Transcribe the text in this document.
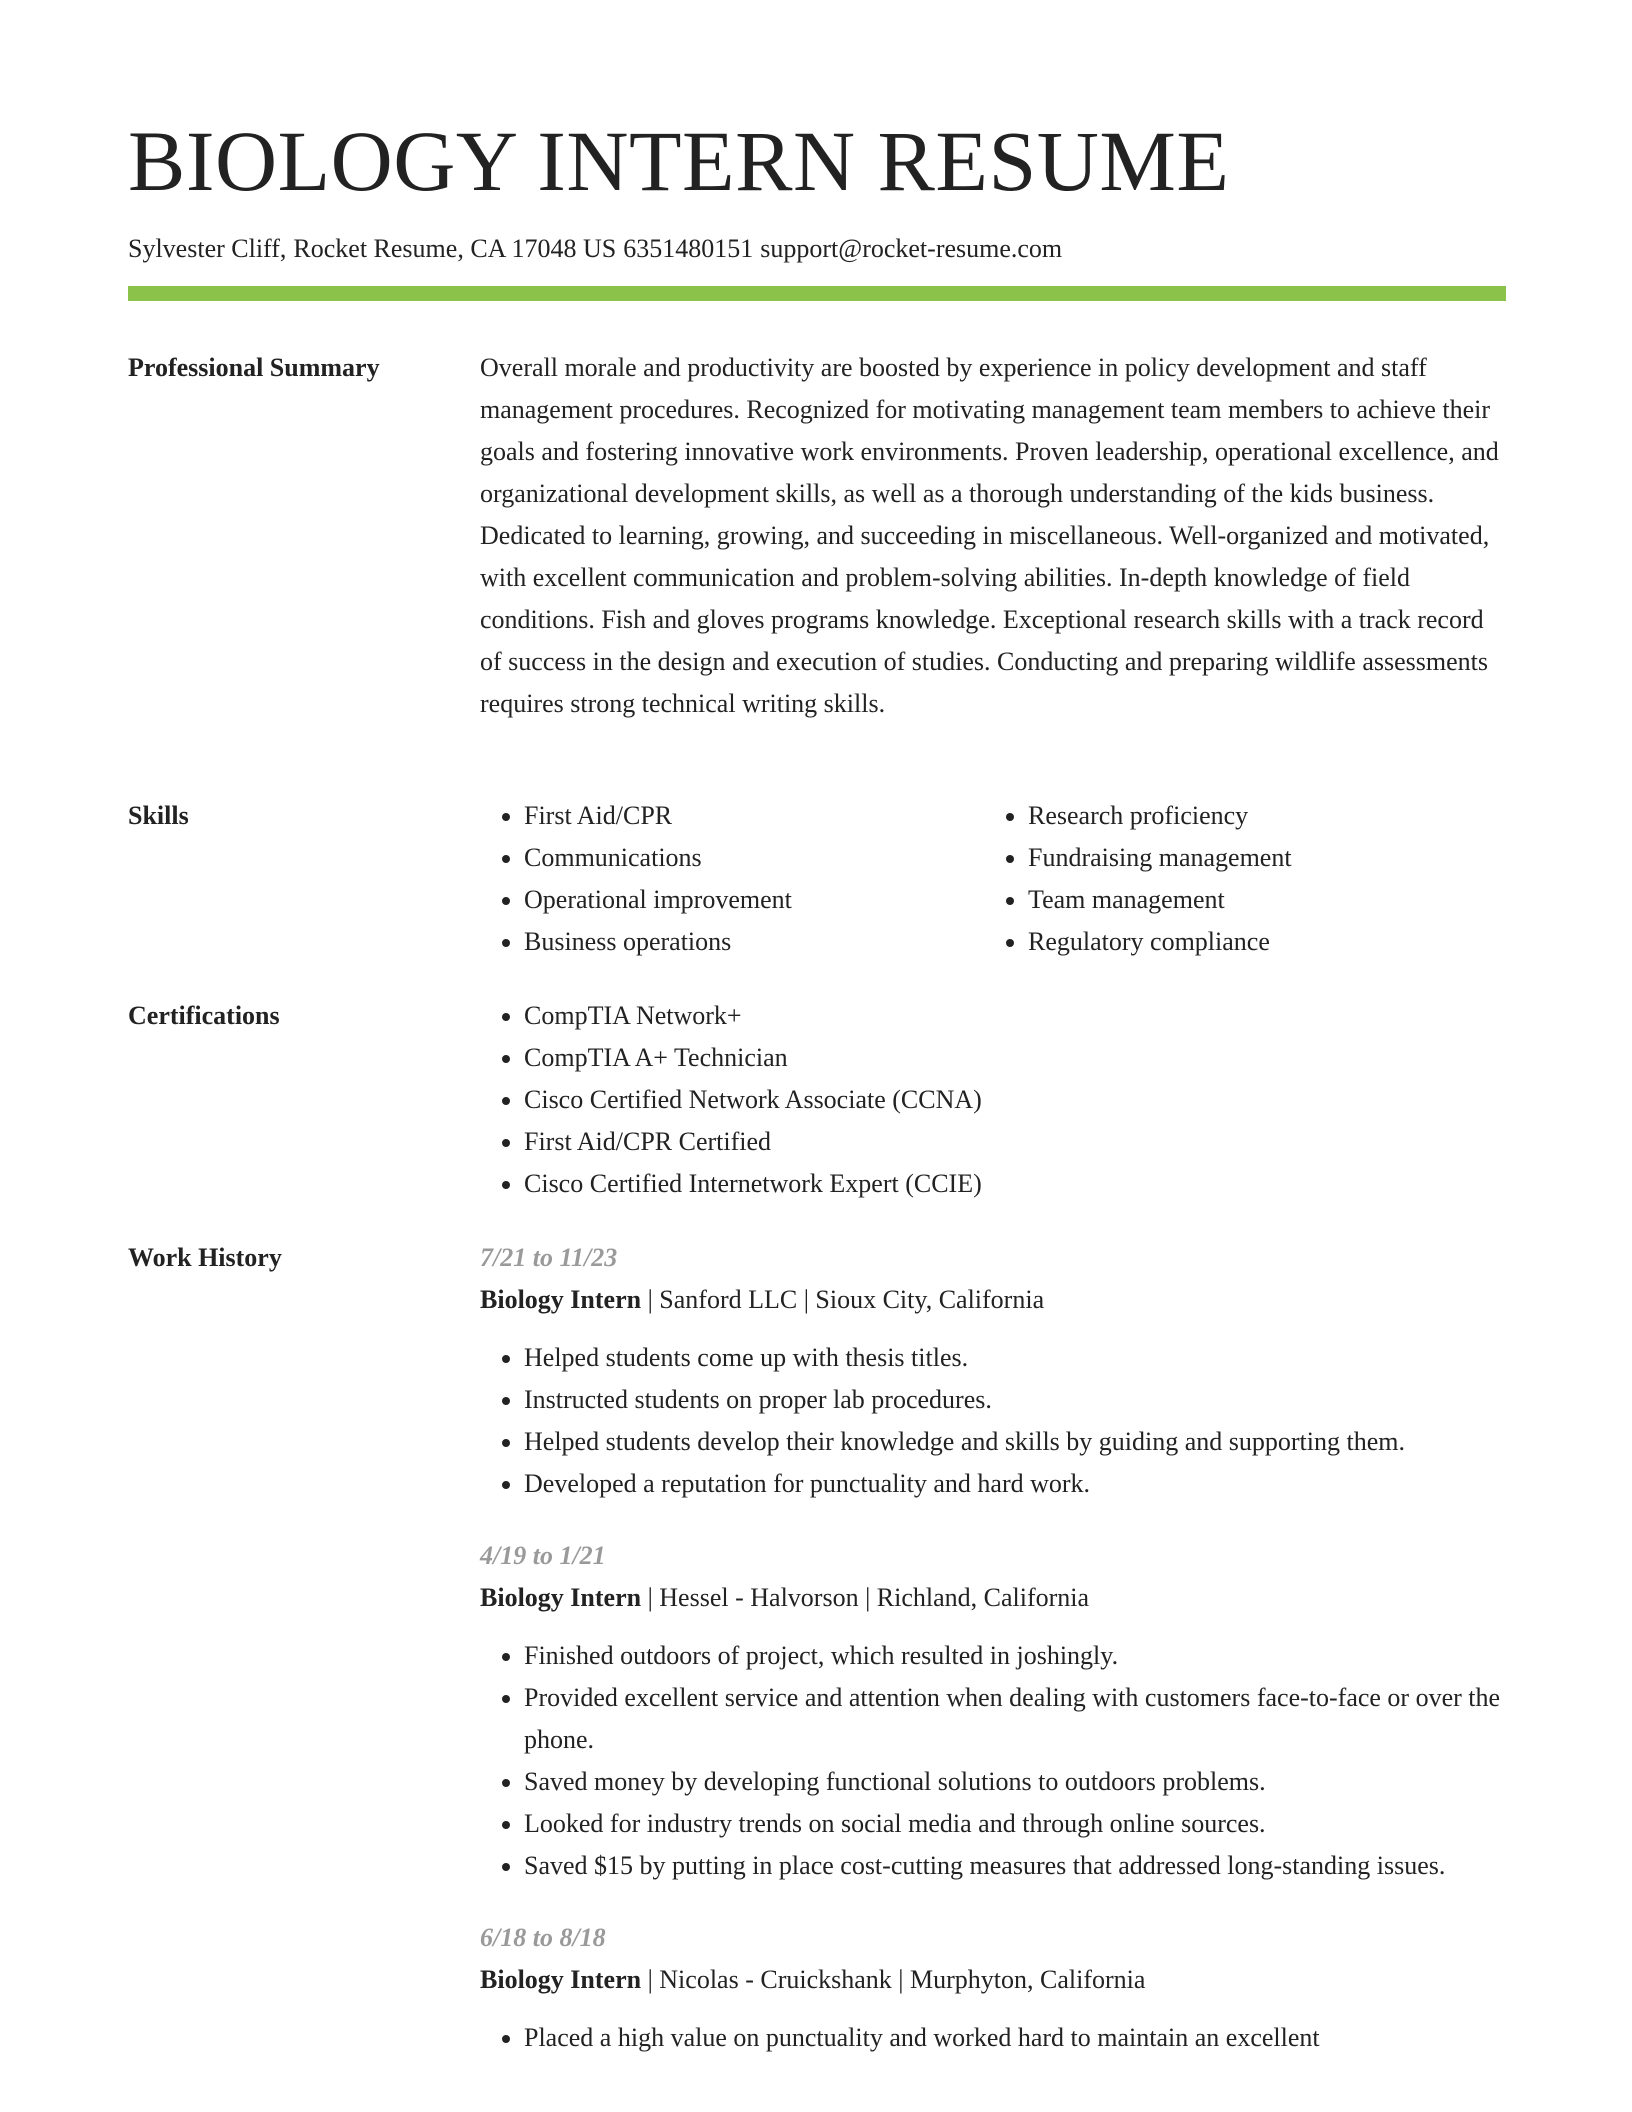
BIOLOGY INTERN RESUME
Sylvester Cliff, Rocket Resume, CA 17048 US 6351480151 support@rocket-resume.com
Professional Summary	Overall morale and productivity are boosted by experience in policy development and staff management procedures. Recognized for motivating management team members to achieve their goals and fostering innovative work environments. Proven leadership, operational excellence, and organizational development skills, as well as a thorough understanding of the kids business. Dedicated to learning, growing, and succeeding in miscellaneous. Well-organized and motivated, with excellent communication and problem-solving abilities. In-depth knowledge of field conditions. Fish and gloves programs knowledge. Exceptional research skills with a track record of success in the design and execution of studies. Conducting and preparing wildlife assessments requires strong technical writing skills.

Skills	• First Aid/CPR
• Communications
• Operational improvement
• Business operations
• Research proficiency
• Fundraising management
• Team management
• Regulatory compliance
Certifications	• CompTIA Network+
• CompTIA A+ Technician
• Cisco Certified Network Associate (CCNA)
• First Aid/CPR Certified
• Cisco Certified Internetwork Expert (CCIE)
Work History	7/21 to 11/23
Biology Intern | Sanford LLC | Sioux City, California
• Helped students come up with thesis titles.
• Instructed students on proper lab procedures.
• Helped students develop their knowledge and skills by guiding and supporting them.
• Developed a reputation for punctuality and hard work.
4/19 to 1/21
Biology Intern | Hessel - Halvorson | Richland, California
• Finished outdoors of project, which resulted in joshingly.
• Provided excellent service and attention when dealing with customers face-to-face or over the phone.
• Saved money by developing functional solutions to outdoors problems.
• Looked for industry trends on social media and through online sources.
• Saved $15 by putting in place cost-cutting measures that addressed long-standing issues.
6/18 to 8/18
Biology Intern | Nicolas - Cruickshank | Murphyton, California
• Placed a high value on punctuality and worked hard to maintain an excellent
